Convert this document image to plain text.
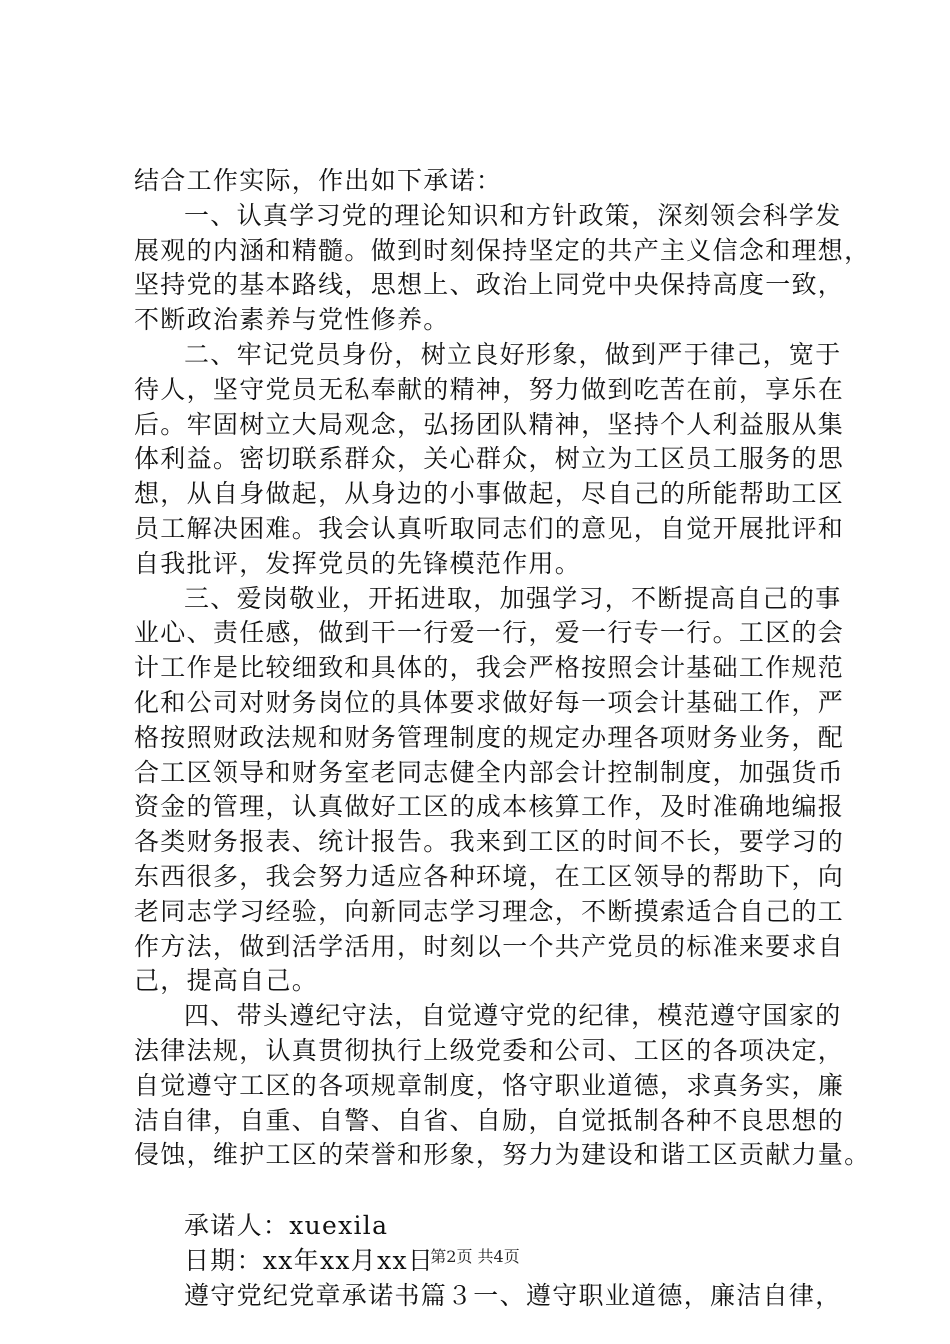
结合工作实际，作出如下承诺：
一、认真学习党的理论知识和方针政策，深刻领会科学发
展观的内涵和精髓。做到时刻保持坚定的共产主义信念和理想，
坚持党的基本路线，思想上、政治上同党中央保持高度一致，
不断政治素养与党性修养。
二、牢记党员身份，树立良好形象，做到严于律己，宽于
待人，坚守党员无私奉献的精神，努力做到吃苦在前，享乐在
后。牢固树立大局观念，弘扬团队精神，坚持个人利益服从集
体利益。密切联系群众，关心群众，树立为工区员工服务的思
想，从自身做起，从身边的小事做起，尽自己的所能帮助工区
员工解决困难。我会认真听取同志们的意见，自觉开展批评和
自我批评，发挥党员的先锋模范作用。
三、爱岗敬业，开拓进取，加强学习，不断提高自己的事
业心、责任感，做到干一行爱一行，爱一行专一行。工区的会
计工作是比较细致和具体的，我会严格按照会计基础工作规范
化和公司对财务岗位的具体要求做好每一项会计基础工作，严
格按照财政法规和财务管理制度的规定办理各项财务业务，配
合工区领导和财务室老同志健全内部会计控制制度，加强货币
资金的管理，认真做好工区的成本核算工作，及时准确地编报
各类财务报表、统计报告。我来到工区的时间不长，要学习的
东西很多，我会努力适应各种环境，在工区领导的帮助下，向
老同志学习经验，向新同志学习理念，不断摸索适合自己的工
作方法，做到活学活用，时刻以一个共产党员的标准来要求自
己，提高自己。
四、带头遵纪守法，自觉遵守党的纪律，模范遵守国家的
法律法规，认真贯彻执行上级党委和公司、工区的各项决定，
自觉遵守工区的各项规章制度，恪守职业道德，求真务实，廉
洁自律，自重、自警、自省、自励，自觉抵制各种不良思想的
侵蚀，维护工区的荣誉和形象，努力为建设和谐工区贡献力量。
承诺人：xuexila
日期：xx年xx月xx日
遵守党纪党章承诺书篇３一、遵守职业道德，廉洁自律，
第2页 共4页
